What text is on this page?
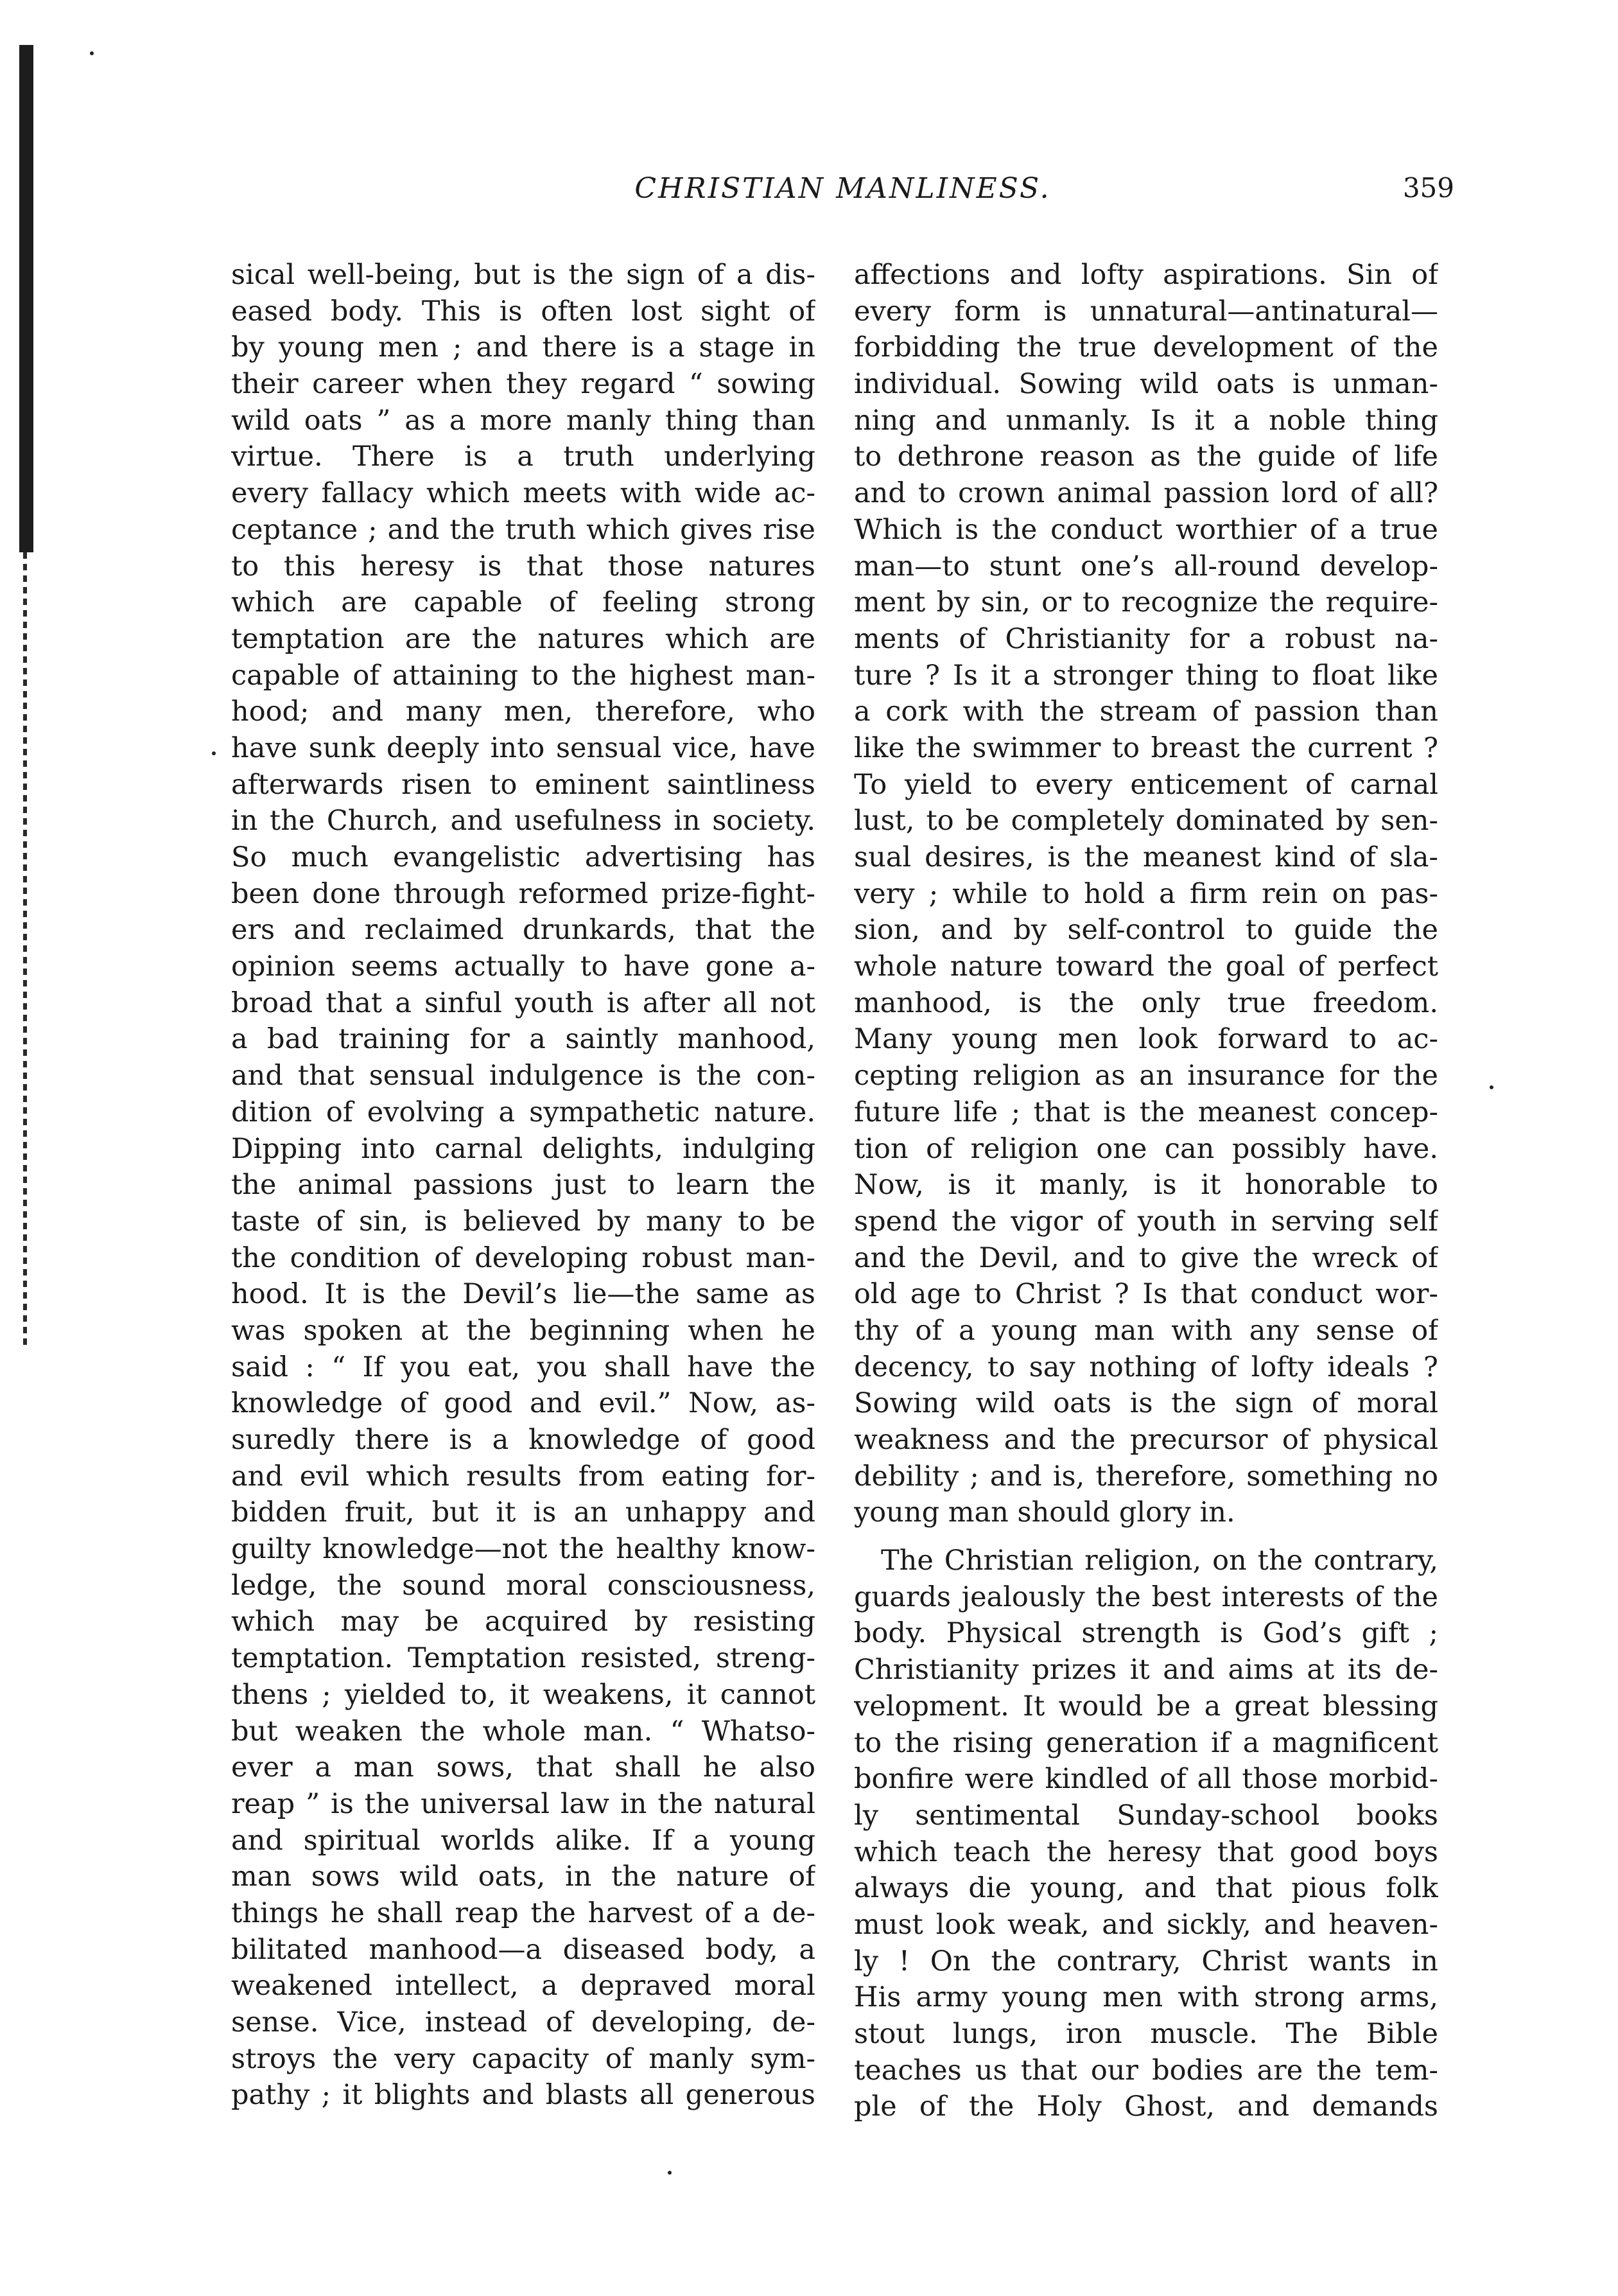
CHRISTIAN MANLINESS.	359
sical well-being, but is the sign of a dis-
eased body. This is often lost sight of
by young men ; and there is a stage in
their career when they regard “ sowing
wild oats ” as a more manly thing than
virtue. There is a truth underlying
every fallacy which meets with wide ac-
ceptance ; and the truth which gives rise
to this heresy is that those natures
which are capable of feeling strong
temptation are the natures which are
capable of attaining to the highest man-
hood; and many men, therefore, who
have sunk deeply into sensual vice, have
afterwards risen to eminent saintliness
in the Church, and usefulness in society.
So much evangelistic advertising has
been done through reformed prize-fight-
ers and reclaimed drunkards, that the
opinion seems actually to have gone a-
broad that a sinful youth is after all not
a bad training for a saintly manhood,
and that sensual indulgence is the con-
dition of evolving a sympathetic nature.
Dipping into carnal delights, indulging
the animal passions just to learn the
taste of sin, is believed by many to be
the condition of developing robust man-
hood. It is the Devil’s lie—the same as
was spoken at the beginning when he
said : “ If you eat, you shall have the
knowledge of good and evil.” Now, as-
suredly there is a knowledge of good
and evil which results from eating for-
bidden fruit, but it is an unhappy and
guilty knowledge—not the healthy know-
ledge, the sound moral consciousness,
which may be acquired by resisting
temptation. Temptation resisted, streng-
thens ; yielded to, it weakens, it cannot
but weaken the whole man. “ Whatso-
ever a man sows, that shall he also
reap ” is the universal law in the natural
and spiritual worlds alike. If a young
man sows wild oats, in the nature of
things he shall reap the harvest of a de-
bilitated manhood—a diseased body, a
weakened intellect, a depraved moral
sense. Vice, instead of developing, de-
stroys the very capacity of manly sym-
pathy ; it blights and blasts all generous
affections and lofty aspirations. Sin of
every form is unnatural—antinatural—
forbidding the true development of the
individual. Sowing wild oats is unman-
ning and unmanly. Is it a noble thing
to dethrone reason as the guide of life
and to crown animal passion lord of all?
Which is the conduct worthier of a true
man—to stunt one’s all-round develop-
ment by sin, or to recognize the require-
ments of Christianity for a robust na-
ture ? Is it a stronger thing to float like
a cork with the stream of passion than
like the swimmer to breast the current ?
To yield to every enticement of carnal
lust, to be completely dominated by sen-
sual desires, is the meanest kind of sla-
very ; while to hold a firm rein on pas-
sion, and by self-control to guide the
whole nature toward the goal of perfect
manhood, is the only true freedom.
Many young men look forward to ac-
cepting religion as an insurance for the
future life ; that is the meanest concep-
tion of religion one can possibly have.
Now, is it manly, is it honorable to
spend the vigor of youth in serving self
and the Devil, and to give the wreck of
old age to Christ ? Is that conduct wor-
thy of a young man with any sense of
decency, to say nothing of lofty ideals ?
Sowing wild oats is the sign of moral
weakness and the precursor of physical
debility ; and is, therefore, something no
young man should glory in.
The Christian religion, on the contrary,
guards jealously the best interests of the
body. Physical strength is God’s gift ;
Christianity prizes it and aims at its de-
velopment. It would be a great blessing
to the rising generation if a magnificent
bonfire were kindled of all those morbid-
ly sentimental Sunday-school books
which teach the heresy that good boys
always die young, and that pious folk
must look weak, and sickly, and heaven-
ly ! On the contrary, Christ wants in
His army young men with strong arms,
stout lungs, iron muscle. The Bible
teaches us that our bodies are the tem-
ple of the Holy Ghost, and demands
